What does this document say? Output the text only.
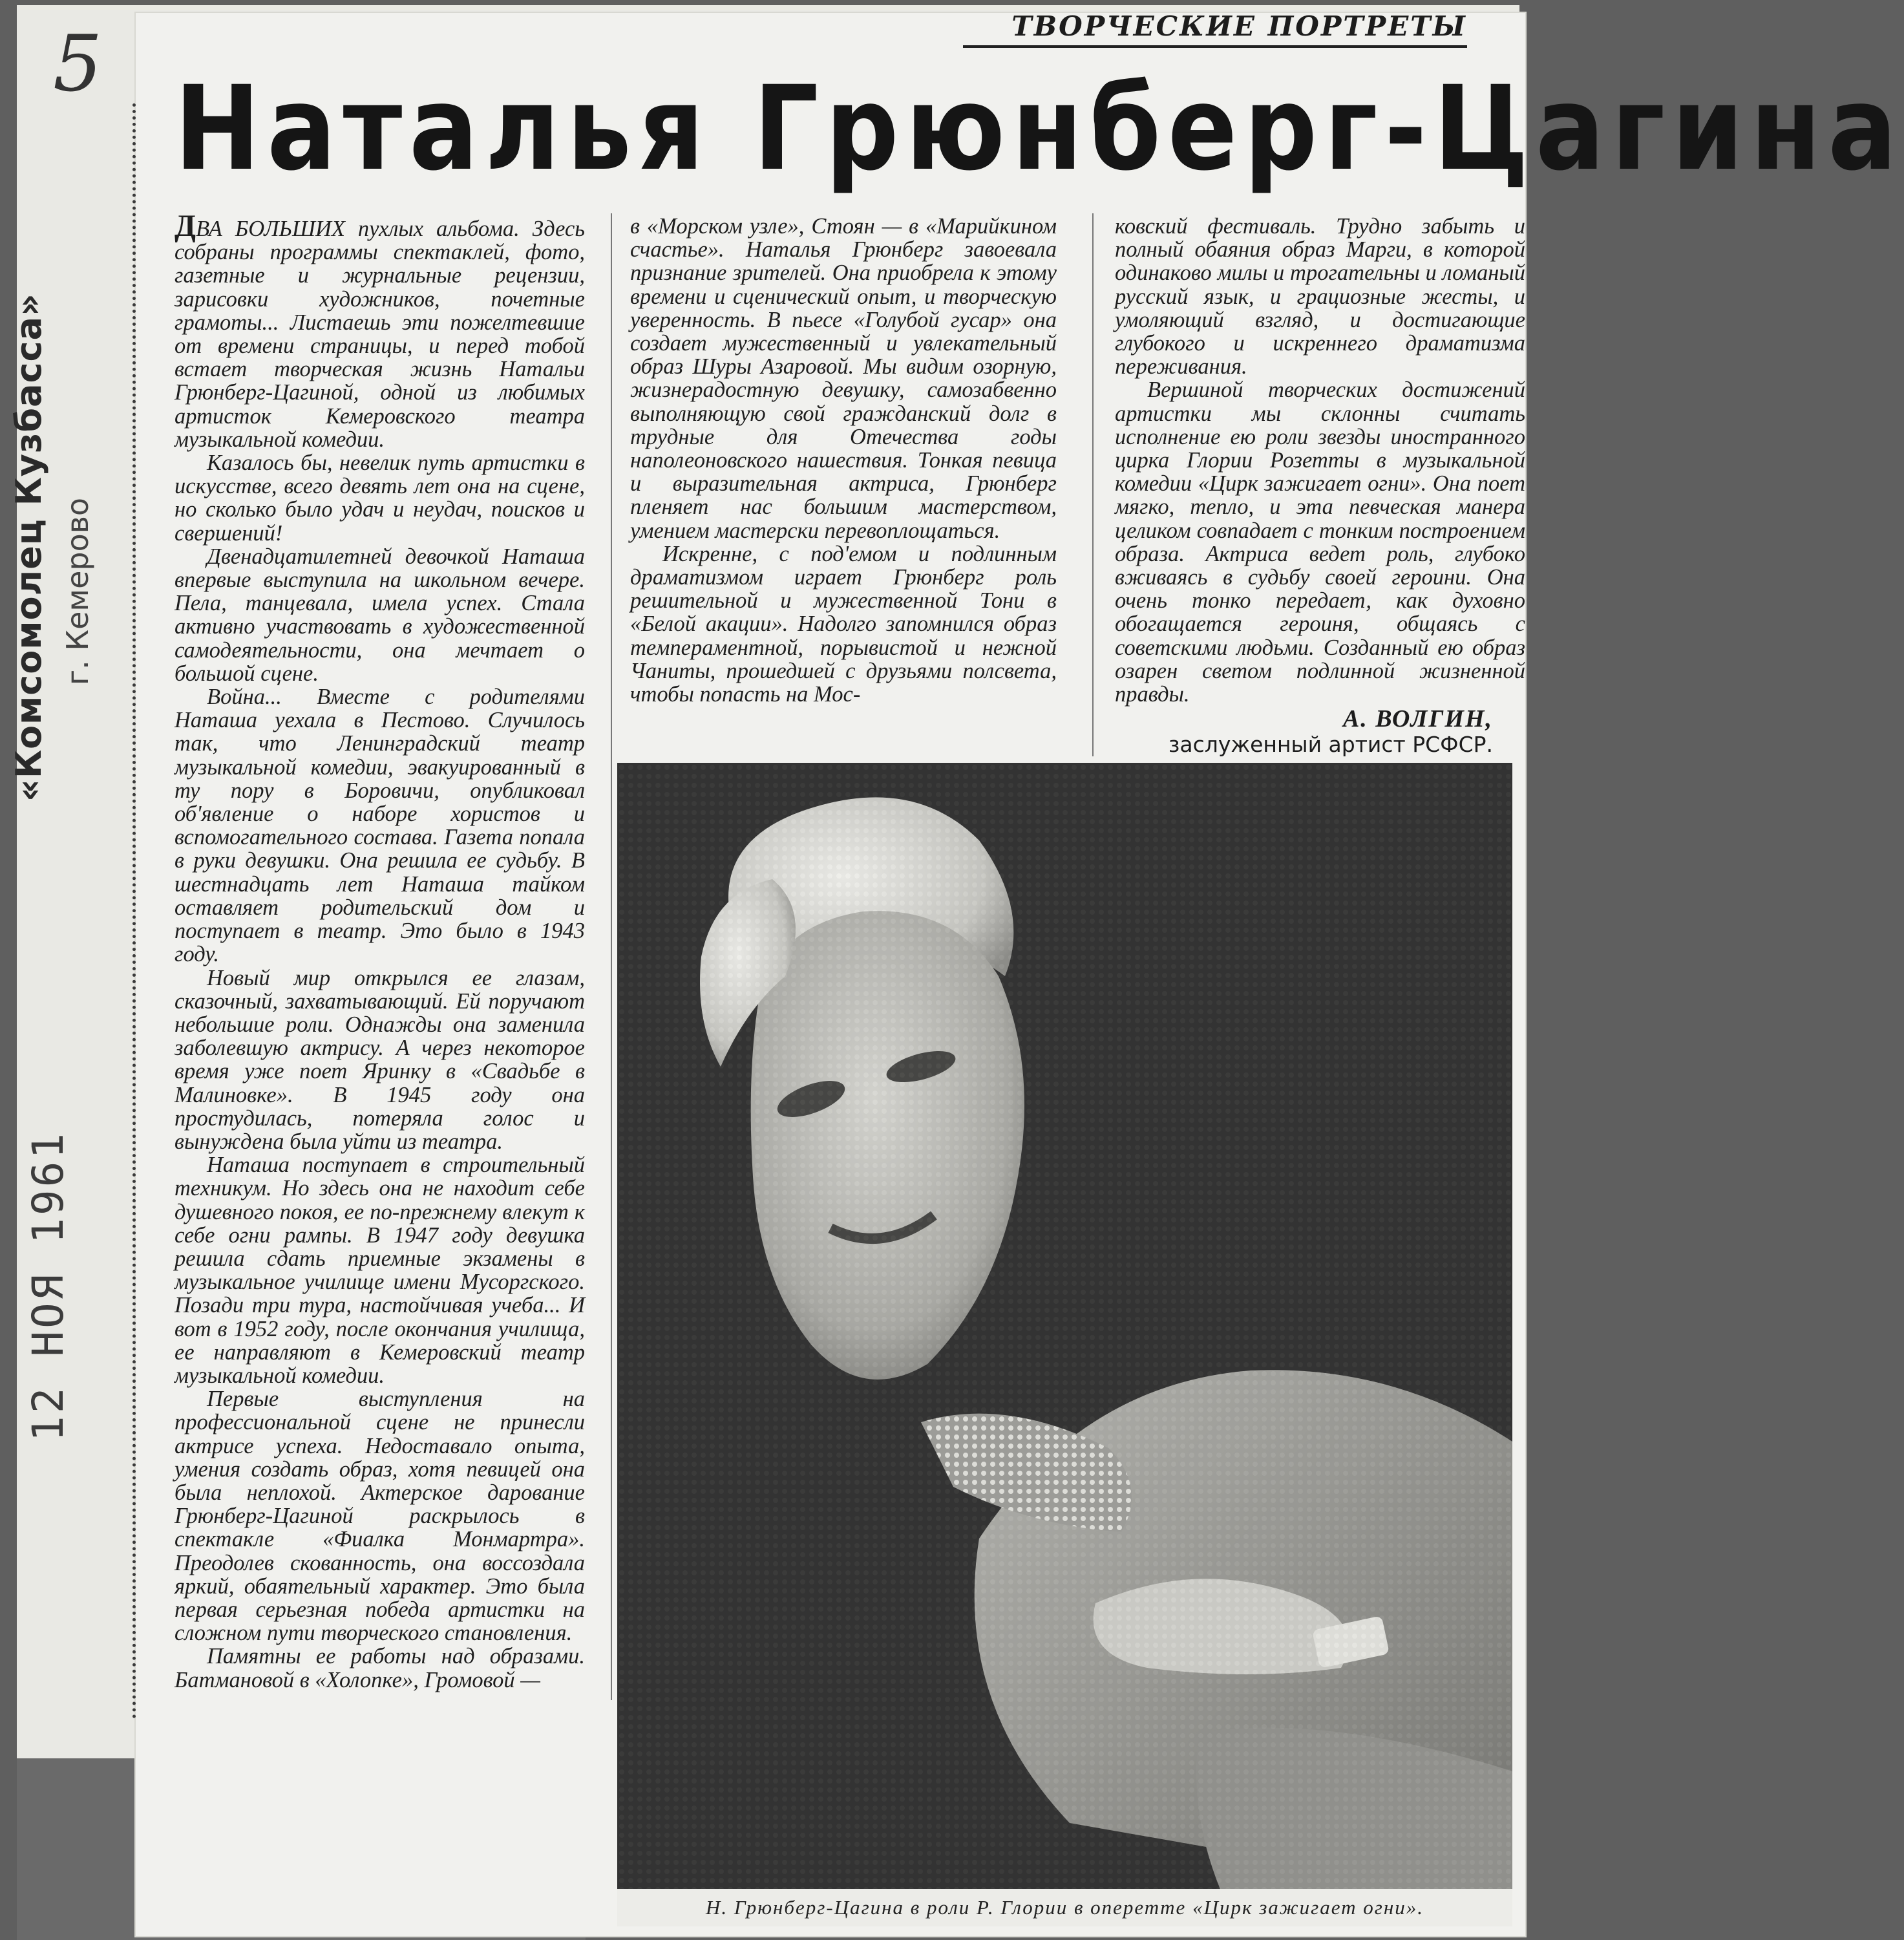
5	ТВОРЧЕСКИЕ ПОРТРЕТЫ
Наталья Грюнберг-Цагина

ДВА БОЛЬШИХ пухлых альбома. Здесь собраны программы спектаклей, фото, газетные и журнальные рецензии, зарисовки художников, почетные грамоты... Листаешь эти пожелтевшие от времени страницы, и перед тобой встает творческая жизнь Натальи Грюнберг-Цагиной, одной из любимых артисток Кемеровского театра музыкальной комедии.

Казалось бы, невелик путь артистки в искусстве, всего девять лет она на сцене, но сколько было удач и неудач, поисков и свершений!

Двенадцатилетней девочкой Наташа впервые выступила на школьном вечере. Пела, танцевала, имела успех. Стала активно участвовать в художественной самодеятельности, она мечтает о большой сцене.

Война... Вместе с родителями Наташа уехала в Пестово. Случилось так, что Ленинградский театр музыкальной комедии, эвакуированный в ту пору в Боровичи, опубликовал об'явление о наборе хористов и вспомогательного состава. Газета попала в руки девушки. Она решила ее судьбу. В шестнадцать лет Наташа тайком оставляет родительский дом и поступает в театр. Это было в 1943 году.

Новый мир открылся ее глазам, сказочный, захватывающий. Ей поручают небольшие роли. Однажды она заменила заболевшую актрису. А через некоторое время уже поет Яринку в «Свадьбе в Малиновке». В 1945 году она простудилась, потеряла голос и вынуждена была уйти из театра.

Наташа поступает в строительный техникум. Но здесь она не находит себе душевного покоя, ее по-прежнему влекут к себе огни рампы. В 1947 году девушка решила сдать приемные экзамены в музыкальное училище имени Мусоргского. Позади три тура, настойчивая учеба... И вот в 1952 году, после окончания училища, ее направляют в Кемеровский театр музыкальной комедии.

Первые выступления на профессиональной сцене не принесли актрисе успеха. Недоставало опыта, умения создать образ, хотя певицей она была неплохой. Актерское дарование Грюнберг-Цагиной раскрылось в спектакле «Фиалка Монмартра». Преодолев скованность, она воссоздала яркий, обаятельный характер. Это была первая серьезная победа артистки на сложном пути творческого становления.

Памятны ее работы над образами. Батмановой в «Холопке», Громовой —

в «Морском узле», Стоян — в «Марийкином счастье». Наталья Грюнберг завоевала признание зрителей. Она приобрела к этому времени и сценический опыт, и творческую уверенность. В пьесе «Голубой гусар» она создает мужественный и увлекательный образ Шуры Азаровой. Мы видим озорную, жизнерадостную девушку, самозабвенно выполняющую свой гражданский долг в трудные для Отечества годы наполеоновского нашествия. Тонкая певица и выразительная актриса, Грюнберг пленяет нас большим мастерством, умением мастерски перевоплощаться.

Искренне, с под'емом и подлинным драматизмом играет Грюнберг роль решительной и мужественной Тони в «Белой акации». Надолго запомнился образ темпераментной, порывистой и нежной Чаниты, прошедшей с друзьями полсвета, чтобы попасть на Мос-

ковский фестиваль. Трудно забыть и полный обаяния образ Марги, в которой одинаково милы и трогательны и ломаный русский язык, и грациозные жесты, и умоляющий взгляд, и достигающие глубокого и искреннего драматизма переживания.

Вершиной творческих достижений артистки мы склонны считать исполнение ею роли звезды иностранного цирка Глории Розетты в музыкальной комедии «Цирк зажигает огни». Она поет мягко, тепло, и эта певческая манера целиком совпадает с тонким построением образа. Актриса ведет роль, глубоко вживаясь в судьбу своей героини. Она очень тонко передает, как духовно обогащается героиня, общаясь с советскими людьми. Созданный ею образ озарен светом подлинной жизненной правды.

А. ВОЛГИН,
заслуженный артист РСФСР.
Н. Грюнберг-Цагина в роли Р. Глории в оперетте «Цирк зажигает огни».
«Комсомолец Кузбасса» г. Кемерово
12 НОЯ 1961
